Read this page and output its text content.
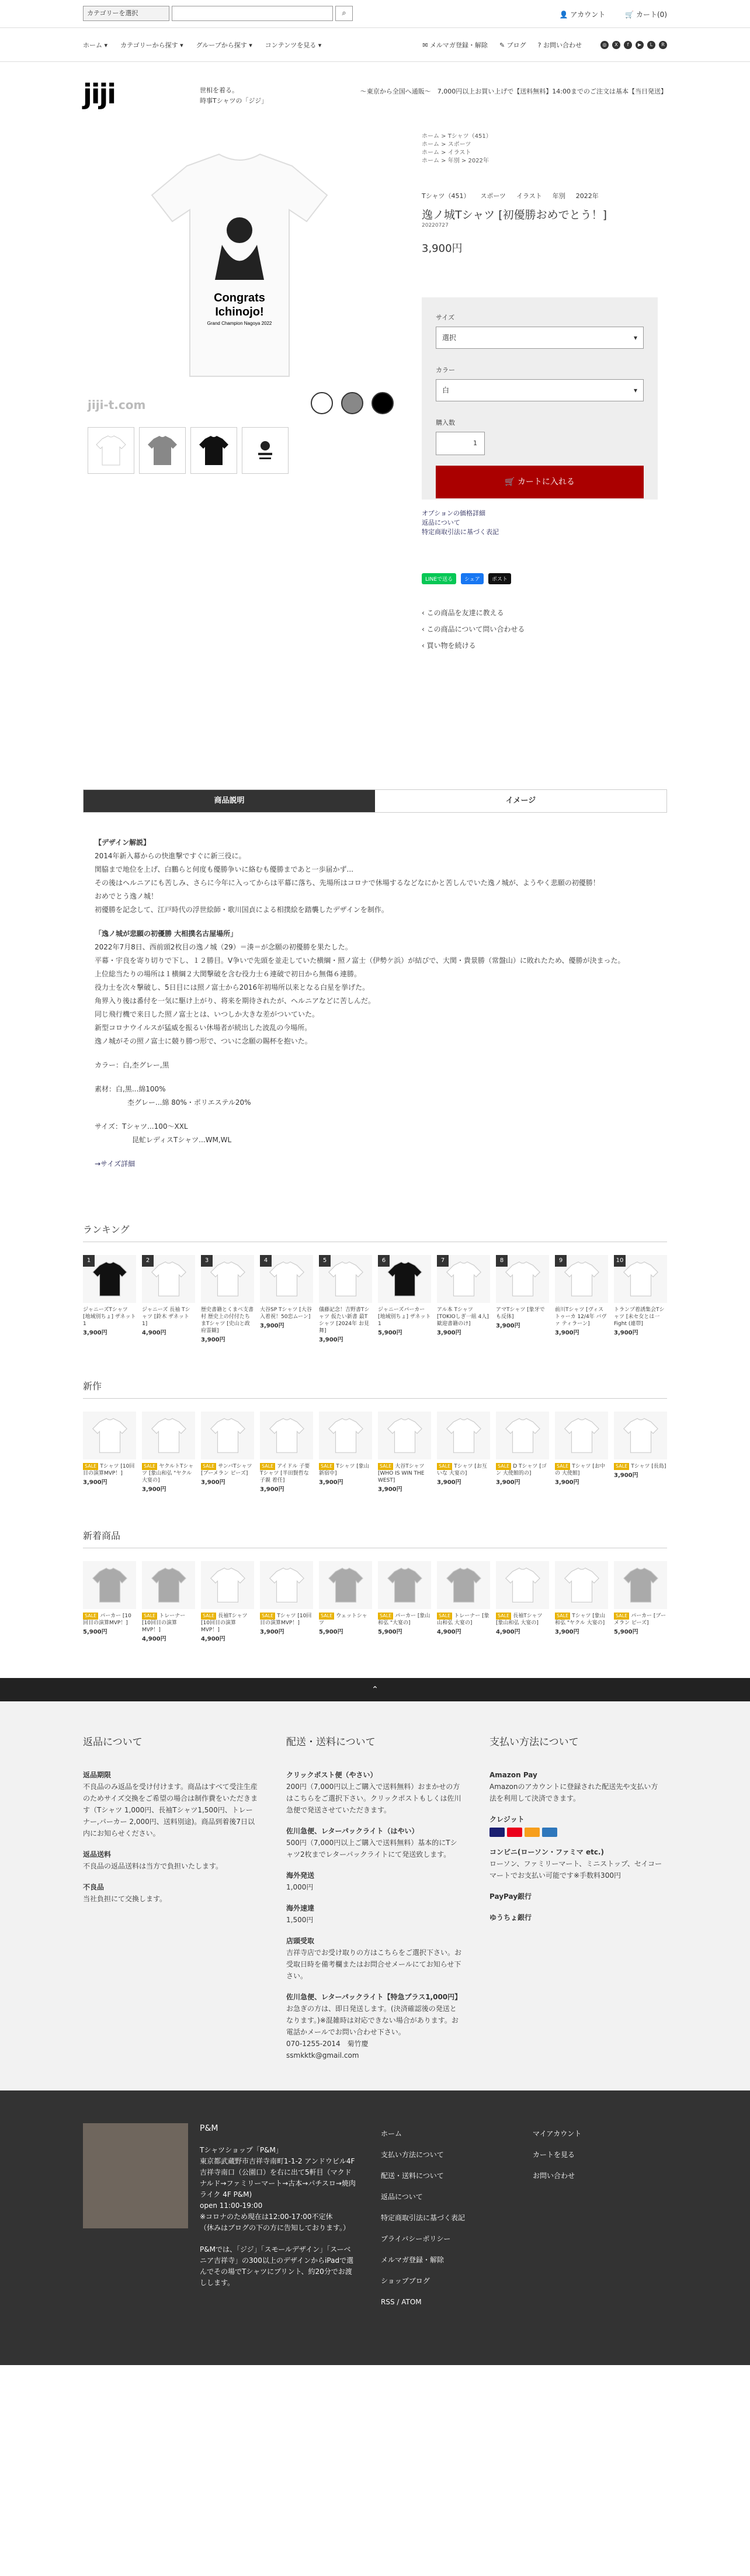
カテゴリーを選択	⌕	👤 アカウント	🛒 カート(0)
ホーム ▾ カテゴリーから探す ▾ グループから探す ▾ コンテンツを見る ▾	✉ メルマガ登録・解除 ✎ ブログ ? お問い合わせ	◎	X	f	▶	L	R
jiji	世相を着る。
時事Tシャツの「ジジ」
〜東京から全国へ通販〜　7,000円以上お買い上げで【送料無料】14:00までのご注文は基本【当日発送】
Congrats
Ichinojo!
Grand Champion Nagoya 2022
jiji-t.com
ホーム > Tシャツ（451）
ホーム > スポーツ
ホーム > イラスト
ホーム > 年別 > 2022年
Tシャツ（451） スポーツ イラスト 年別 2022年
逸ノ城Tシャツ [初優勝おめでとう！]
20220727
3,900円
サイズ
選択 ▾
カラー
白 ▾
購入数
1
🛒 カートに入れる
オプションの価格詳細
返品について
特定商取引法に基づく表記
LINEで送る	シェア	ポスト
‹ この商品を友達に教える
‹ この商品について問い合わせる
‹ 買い物を続ける
商品説明	イメージ

【デザイン解説】
2014年新入幕からの快進撃ですぐに新三役に。
関脇まで地位を上げ、白鵬らと何度も優勝争いに絡むも優勝まであと一歩届かず...
その後はヘルニアにも苦しみ、さらに今年に入ってからは平幕に落ち、先場所はコロナで休場するなどなにかと苦しんでいた逸ノ城が、ようやく悲願の初優勝！
おめでとう逸ノ城！
初優勝を記念して、江戸時代の浮世絵師・歌川国貞による相撲絵を踏襲したデザインを制作。

「逸ノ城が悲願の初優勝 大相撲名古屋場所」
2022年7月8日、西前頭2枚目の逸ノ城（29）＝湊＝が念願の初優勝を果たした。
平幕・宇良を寄り切りで下し、１２勝目。V争いで先頭を並走していた横綱・照ノ富士（伊勢ケ浜）が結びで、大関・貴景勝（常盤山）に敗れたため、優勝が決まった。
上位総当たりの場所は１横綱２大関撃破を含む役力士６連破で初日から無傷６連勝。
役力士を次々撃破し、5日目には照ノ富士から2016年初場所以来となる白星を挙げた。
角界入り後は番付を一気に駆け上がり、将来を期待されたが、ヘルニアなどに苦しんだ。
同じ飛行機で来日した照ノ富士とは、いつしか大きな差がついていた。
新型コロナウイルスが猛威を振るい休場者が続出した波乱の今場所。
逸ノ城がその照ノ富士に競り勝つ形で、ついに念願の賜杯を抱いた。

カラー：白,杢グレー,黒

素材：白,黒...綿100%
杢グレー...綿 80%・ポリエステル20%

サイズ：Tシャツ...100〜XXL
昆虻レディスTシャツ...WM,WL

→サイズ詳細

ランキング
1
ジャニーズTシャツ [地域別ちょ] ザネット 1
3,900円
2
ジャニーズ 長袖 Tシャツ [鈴木 ザネット 1]
4,900円
3
歴史書籍とくまべ支書村 歴史上の付付たちまTシャツ [史山と政府霊観]
3,900円
4
大谷SP Tシャツ [大谷入着祝！50恋ムーン]
3,900円
5
儀藤記念！吉野書Tシャツ 仮たい新書 最Tシャツ [2024年 お見舞]
3,900円
6
ジャニーズパーカー [地域別ちょ] ザネット 1
5,900円
7
アル本 Tシャツ [TOKIOしぎ一組 4人] 歓迎書籍のけ]
3,900円
8
アマTシャツ [象牙でも反体]
3,900円
9
前川Tシャツ [ヴィストゥーカ 12/4年 バヴァ ティラーン]
3,900円
10
トランプ着誘集会Tシャツ [未セ女とは一Fight (連帯]
3,900円
新作
SALE Tシャツ [10回目の演算MVP！]
3,900円
SALE ヤクルトTシャツ [象山和弘 "ヤクル 大宴の]
3,900円
SALE サンバTシャツ [ブーメラン ピーズ]
3,900円
SALE アイドル 子要 Tシャツ [半田賢哲な子親 着任]
3,900円
SALE Tシャツ [象山 新宿中]
3,900円
SALE 大谷Tシャツ [WHO IS WIN THE WEST]
3,900円
SALE Tシャツ [お互いな 大宴の]
3,900円
SALE D Tシャツ [ゴン 大使館的の]
3,900円
SALE Tシャツ [お中の 大使館]
3,900円
SALE Tシャツ [長島]
3,900円
新着商品
SALE パーカー [10回目の演算MVP！]
5,900円
SALE トレーナー [10回目の演算MVP！]
4,900円
SALE 長袖Tシャツ [10回目の演算MVP！]
4,900円
SALE Tシャツ [10回目の演算MVP！]
3,900円
SALE ウェットシャツ
5,900円
SALE パーカー [象山和弘 "大宴の]
5,900円
SALE トレーナー [象山和弘 大宴の]
4,900円
SALE 長袖Tシャツ [象山和弘 大宴の]
4,900円
SALE Tシャツ [象山和弘 "ヤクル 大宴の]
3,900円
SALE パーカー [ブーメラン ピーズ]
5,900円
⌃
返品について
返品期限
不良品のみ返品を受け付けます。商品はすべて受注生産のためサイズ交換をご希望の場合は制作費をいただきます（Tシャツ 1,000円、長袖Tシャツ1,500円、トレーナー,パーカー 2,000円、送料別途)。商品到着後7日以内にお知らせください。
返品送料
不良品の返品送料は当方で負担いたします。
不良品
当社負担にて交換します。
配送・送料について
クリックポスト便（やさい）
200円（7,000円以上ご購入で送料無料）おまかせの方はこちらをご選択下さい。クリックポストもしくは佐川急便で発送させていただきます。
佐川急便、レターパックライト（はやい）
500円（7,000円以上ご購入で送料無料）基本的にTシャツ2枚までレターパックライトにて発送致します。
海外発送
1,000円
海外速達
1,500円
店頭受取
吉祥寺店でお受け取りの方はこちらをご選択下さい。お受取日時を備考欄またはお問合せメールにてお知らせ下さい。
佐川急便、レターパックライト【特急プラス1,000円】
お急ぎの方は、即日発送します。(決済確認後の発送となります。)※混雑時は対応できない場合があります。お電話かメールでお問い合わせ下さい。
070-1255-2014　菊竹慶
ssmkktk@gmail.com
支払い方法について
Amazon Pay
Amazonのアカウントに登録された配送先や支払い方法を利用して決済できます。
クレジット
コンビニ(ローソン・ファミマ etc.)
ローソン、ファミリーマート、ミニストップ、セイコーマートでお支払い可能です※手数料300円
PayPay銀行
ゆうちょ銀行
P&M
Tシャツショップ「P&M」
東京都武蔵野市吉祥寺南町1-1-2 アンドウビル4F
吉祥寺南口（公園口）を右に出て5軒目（マクドナルド→ファミリーマート→古本→パチスロ→焼肉ライク 4F P&M)
open 11:00-19:00
※コロナのため現在は12:00-17:00不定休
（休みはブログの下の方に告知しております。）
P&Mでは、「ジジ」「スモールデザイン」「スーベニア吉祥寺」の300以上のデザインからiPadで選んでその場でTシャツにプリント、約20分でお渡しします。
ホーム
支払い方法について
配送・送料について
返品について
特定商取引法に基づく表記
プライバシーポリシー
メルマガ登録・解除
ショップブログ
RSS / ATOM
マイアカウント
カートを見る
お問い合わせ
